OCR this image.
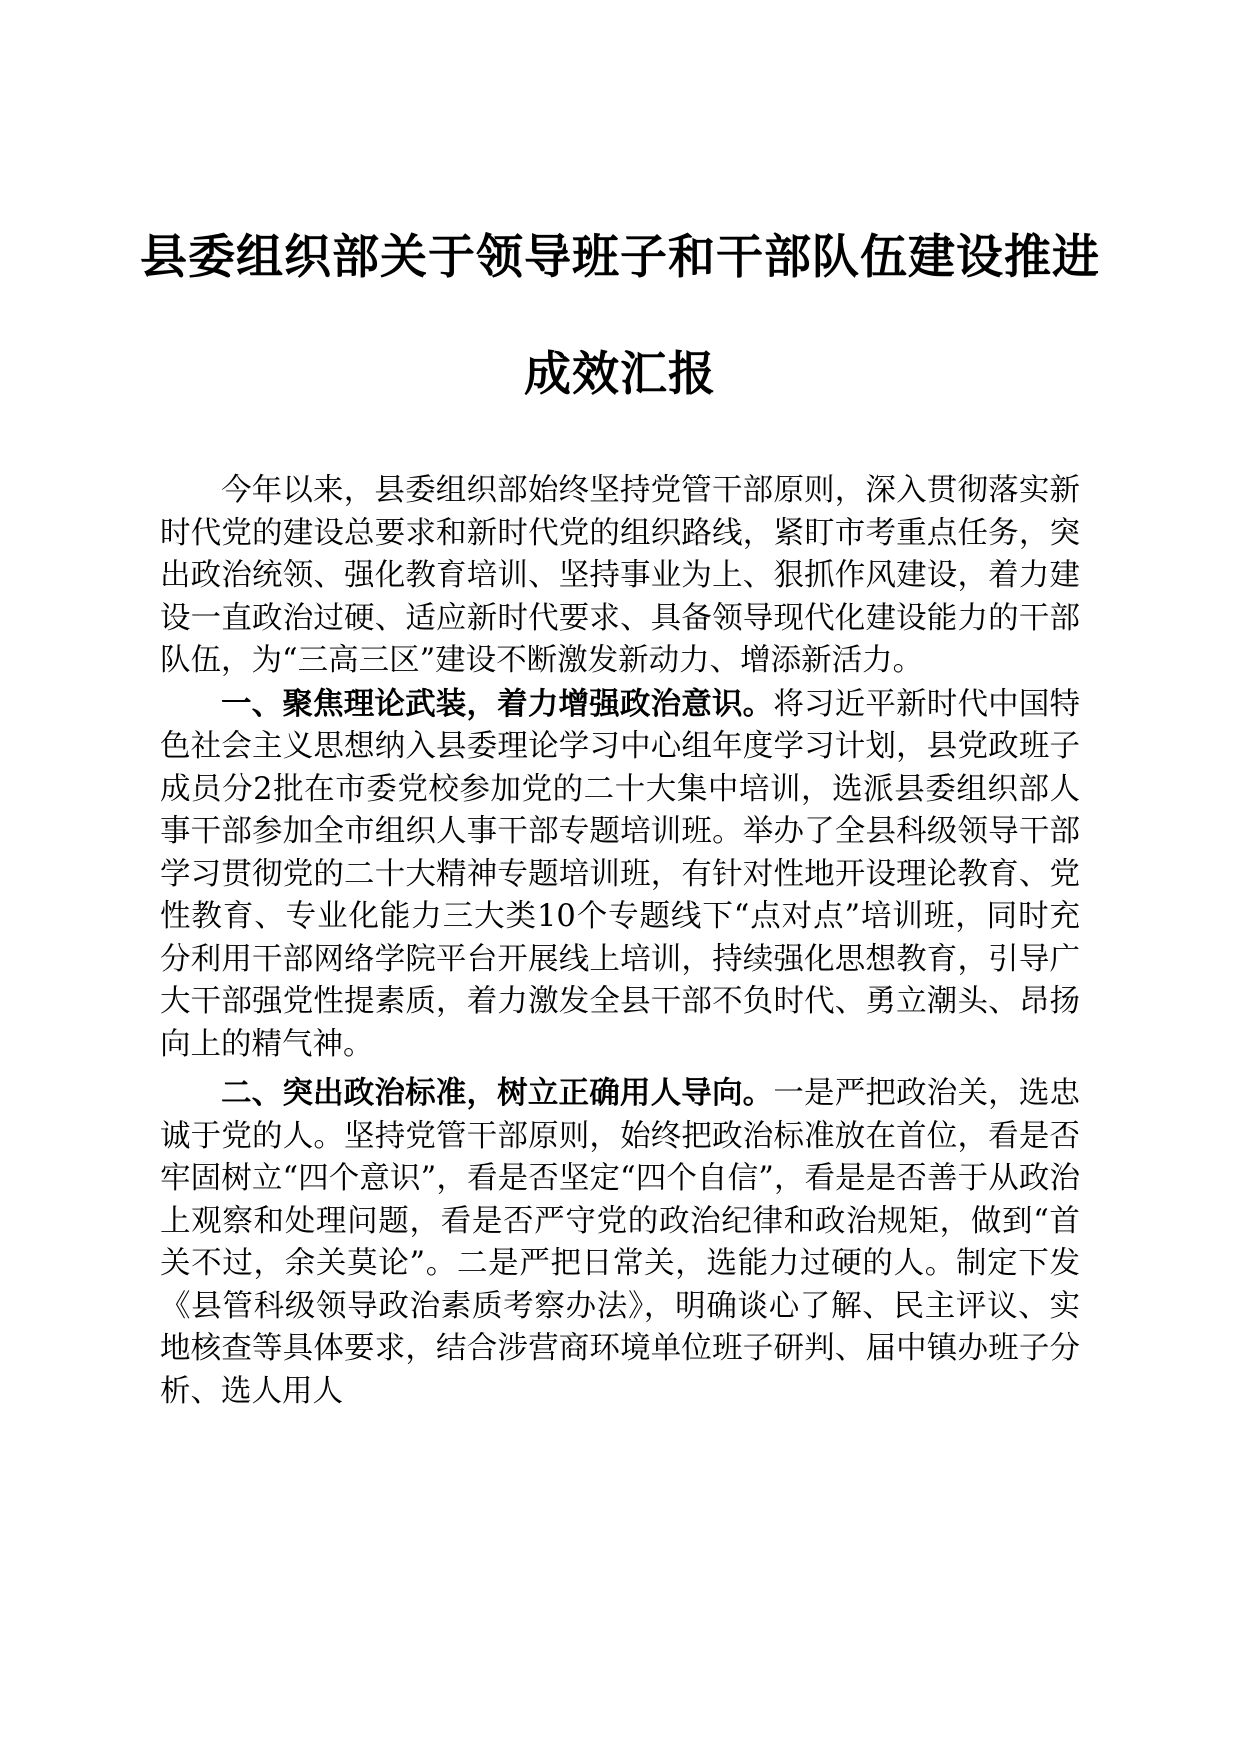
县委组织部关于领导班子和干部队伍建设推进
成效汇报

今年以来，县委组织部始终坚持党管干部原则，深入贯彻落实新时代党的建设总要求和新时代党的组织路线，紧盯市考重点任务，突出政治统领、强化教育培训、坚持事业为上、狠抓作风建设，着力建设一直政治过硬、适应新时代要求、具备领导现代化建设能力的干部队伍，为“三高三区”建设不断激发新动力、增添新活力。

一、聚焦理论武装，着力增强政治意识。将习近平新时代中国特色社会主义思想纳入县委理论学习中心组年度学习计划，县党政班子成员分2批在市委党校参加党的二十大集中培训，选派县委组织部人事干部参加全市组织人事干部专题培训班。举办了全县科级领导干部学习贯彻党的二十大精神专题培训班，有针对性地开设理论教育、党性教育、专业化能力三大类10个专题线下“点对点”培训班，同时充分利用干部网络学院平台开展线上培训，持续强化思想教育，引导广大干部强党性提素质，着力激发全县干部不负时代、勇立潮头、昂扬向上的精气神。

二、突出政治标准，树立正确用人导向。一是严把政治关，选忠诚于党的人。坚持党管干部原则，始终把政治标准放在首位，看是否牢固树立“四个意识”，看是否坚定“四个自信”，看是是否善于从政治上观察和处理问题，看是否严守党的政治纪律和政治规矩，做到“首关不过，余关莫论”。二是严把日常关，选能力过硬的人。制定下发《县管科级领导政治素质考察办法》，明确谈心了解、民主评议、实地核查等具体要求，结合涉营商环境单位班子研判、届中镇办班子分析、选人用人
